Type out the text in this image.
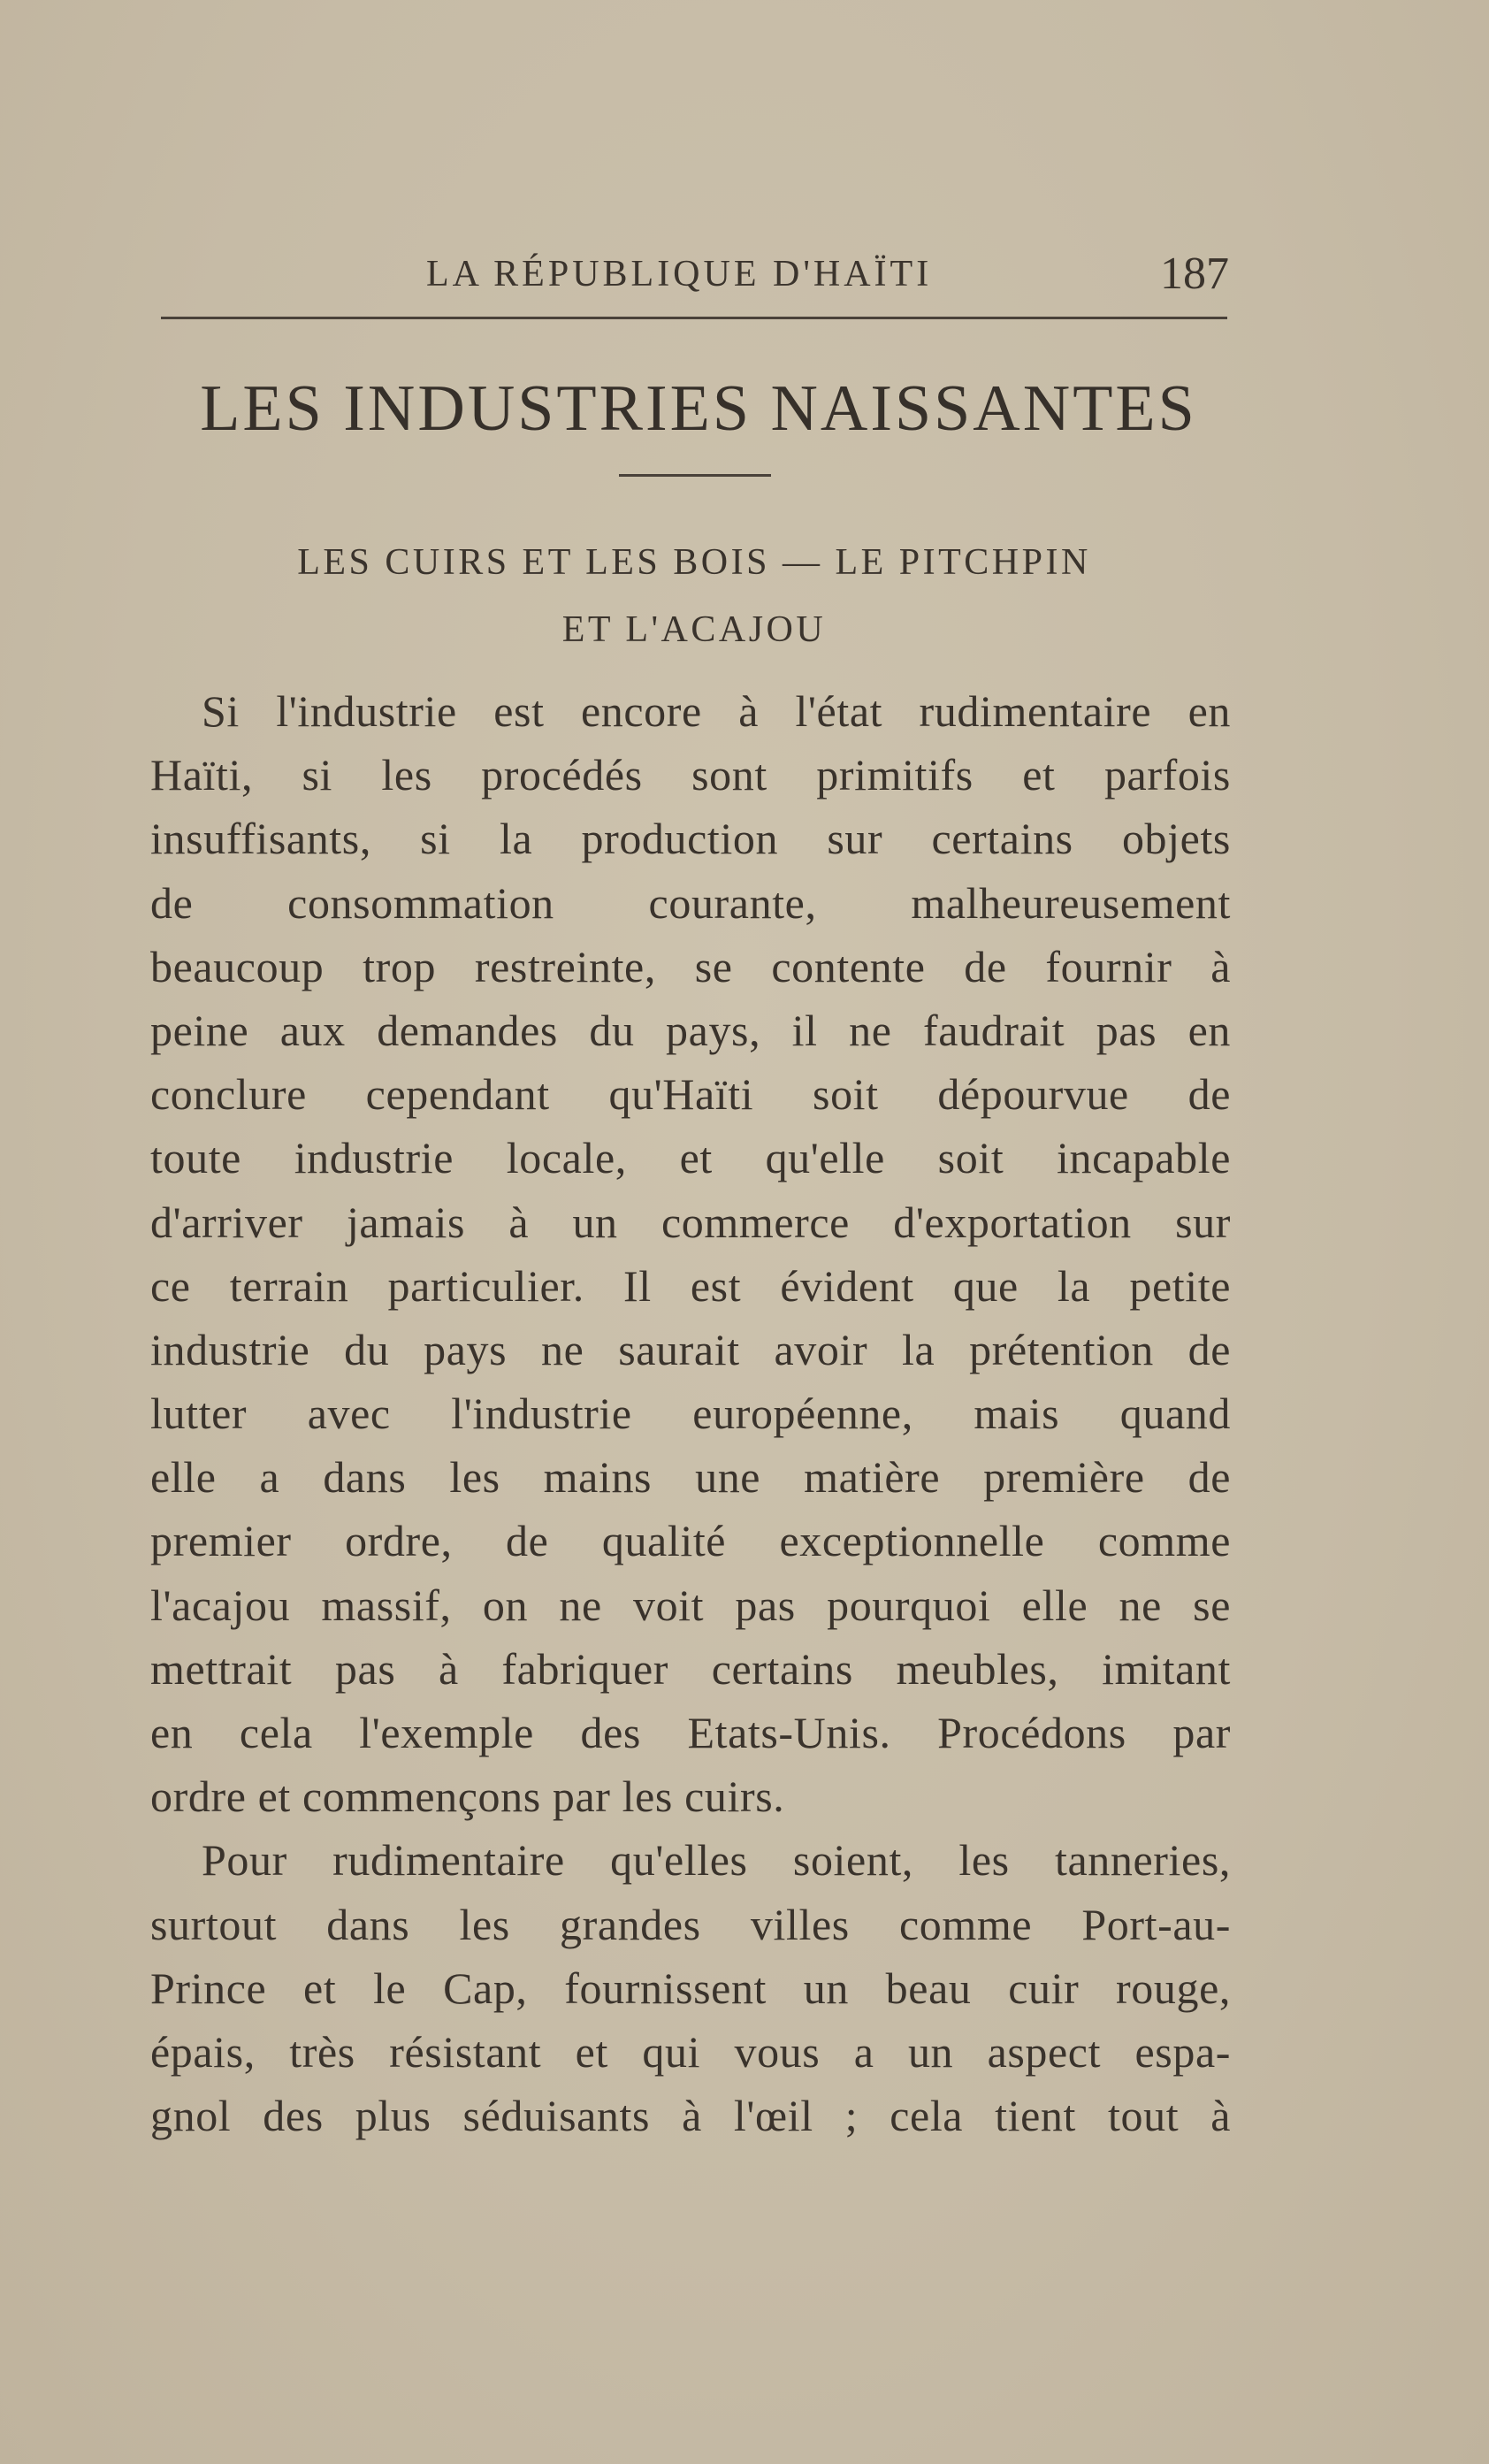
LA RÉPUBLIQUE D'HAÏTI	187
LES INDUSTRIES NAISSANTES
LES CUIRS ET LES BOIS — LE PITCHPIN
ET L'ACAJOU
Si l'industrie est encore à l'état rudimentaire en
Haïti, si les procédés sont primitifs et parfois
insuffisants, si la production sur certains objets
de consommation courante, malheureusement
beaucoup trop restreinte, se contente de fournir à
peine aux demandes du pays, il ne faudrait pas en
conclure cependant qu'Haïti soit dépourvue de
toute industrie locale, et qu'elle soit incapable
d'arriver jamais à un commerce d'exportation sur
ce terrain particulier. Il est évident que la petite
industrie du pays ne saurait avoir la prétention de
lutter avec l'industrie européenne, mais quand
elle a dans les mains une matière première de
premier ordre, de qualité exceptionnelle comme
l'acajou massif, on ne voit pas pourquoi elle ne se
mettrait pas à fabriquer certains meubles, imitant
en cela l'exemple des Etats-Unis. Procédons par
ordre et commençons par les cuirs.
Pour rudimentaire qu'elles soient, les tanneries,
surtout dans les grandes villes comme Port-au-
Prince et le Cap, fournissent un beau cuir rouge,
épais, très résistant et qui vous a un aspect espa-
gnol des plus séduisants à l'œil ; cela tient tout à
